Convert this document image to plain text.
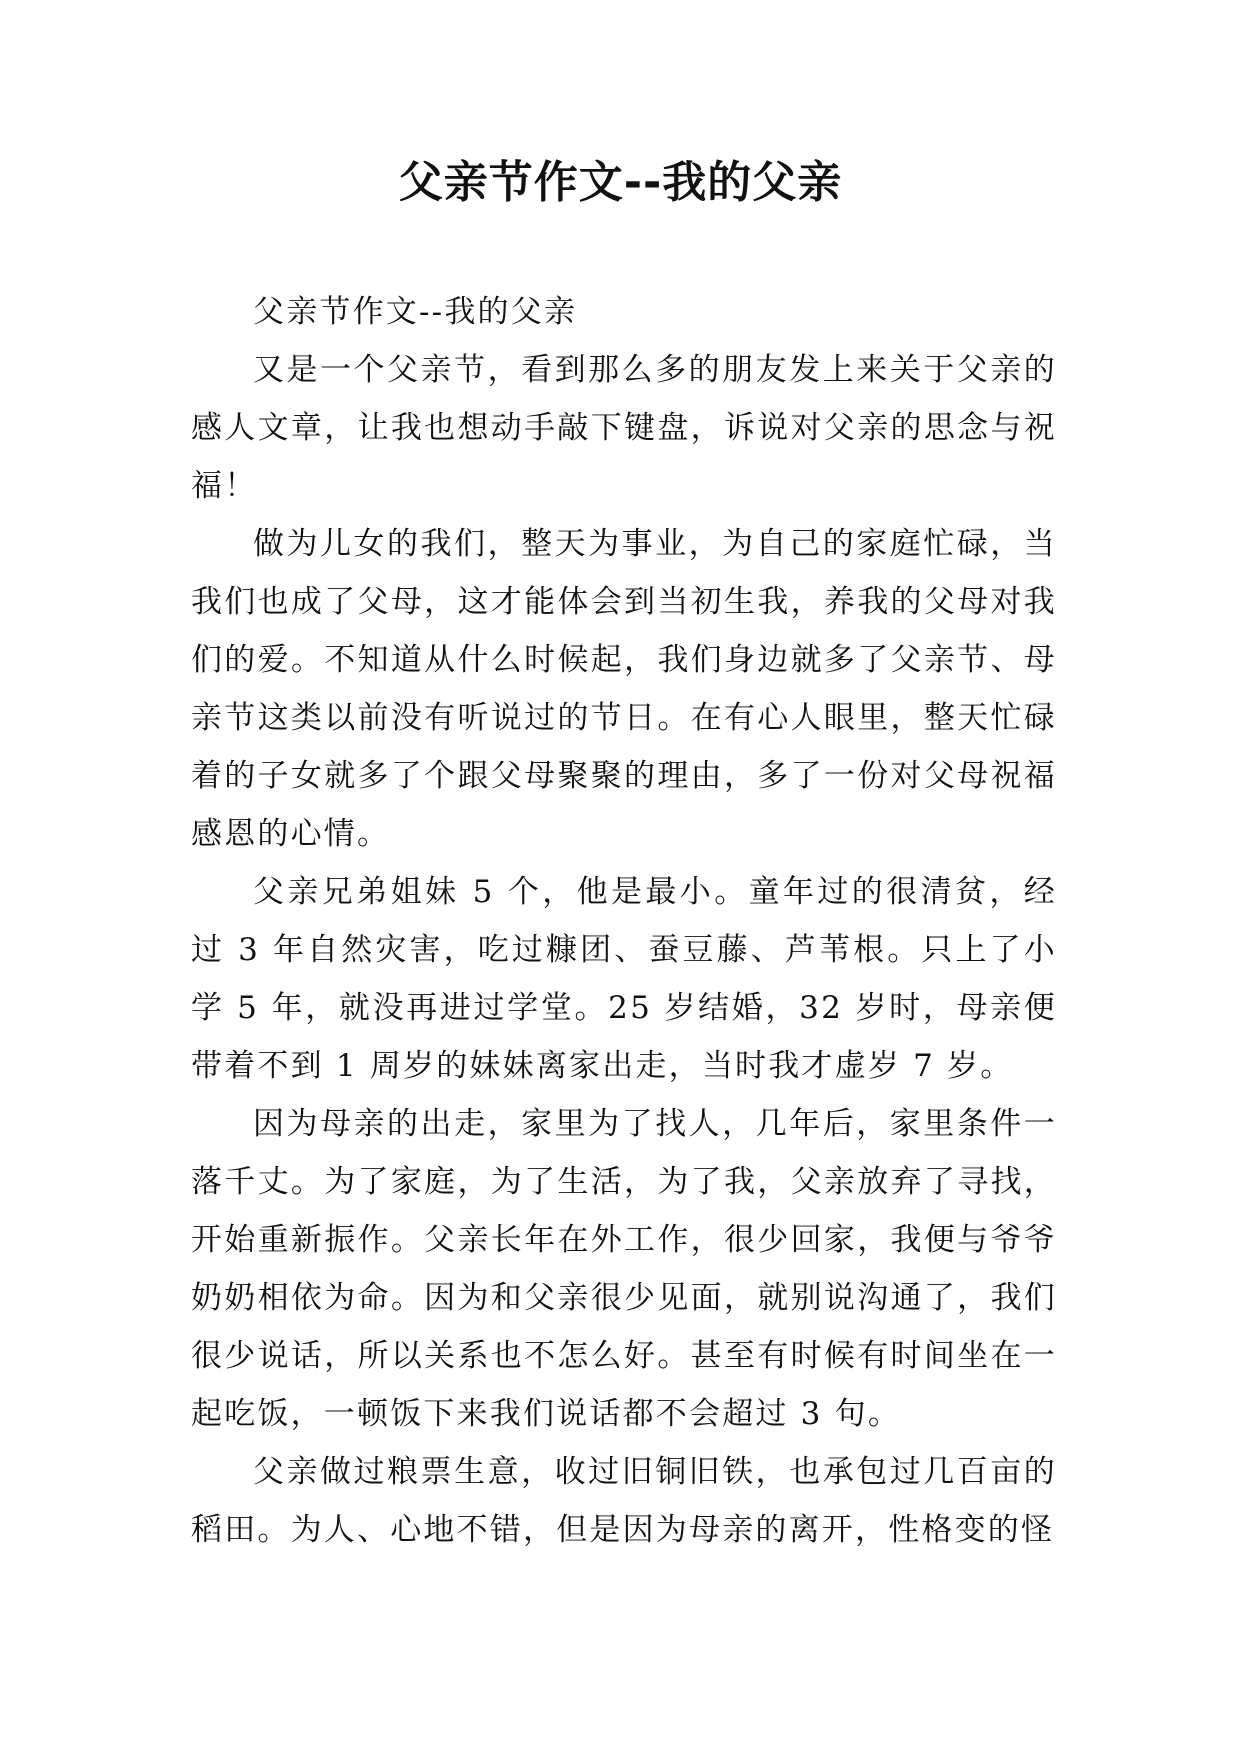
父亲节作文--我的父亲

父亲节作文--我的父亲

又是一个父亲节，看到那么多的朋友发上来关于父亲的感人文章，让我也想动手敲下键盘，诉说对父亲的思念与祝福！

做为儿女的我们，整天为事业，为自己的家庭忙碌，当我们也成了父母，这才能体会到当初生我，养我的父母对我们的爱。不知道从什么时候起，我们身边就多了父亲节、母亲节这类以前没有听说过的节日。在有心人眼里，整天忙碌着的子女就多了个跟父母聚聚的理由，多了一份对父母祝福感恩的心情。

父亲兄弟姐妹 5 个，他是最小。童年过的很清贫，经过 3 年自然灾害，吃过糠团、蚕豆藤、芦苇根。只上了小学 5 年，就没再进过学堂。25 岁结婚，32 岁时，母亲便带着不到 1 周岁的妹妹离家出走，当时我才虚岁 7 岁。

因为母亲的出走，家里为了找人，几年后，家里条件一落千丈。为了家庭，为了生活，为了我，父亲放弃了寻找，开始重新振作。父亲长年在外工作，很少回家，我便与爷爷奶奶相依为命。因为和父亲很少见面，就别说沟通了，我们很少说话，所以关系也不怎么好。甚至有时候有时间坐在一起吃饭，一顿饭下来我们说话都不会超过 3 句。

父亲做过粮票生意，收过旧铜旧铁，也承包过几百亩的稻田。为人、心地不错，但是因为母亲的离开，性格变的怪
